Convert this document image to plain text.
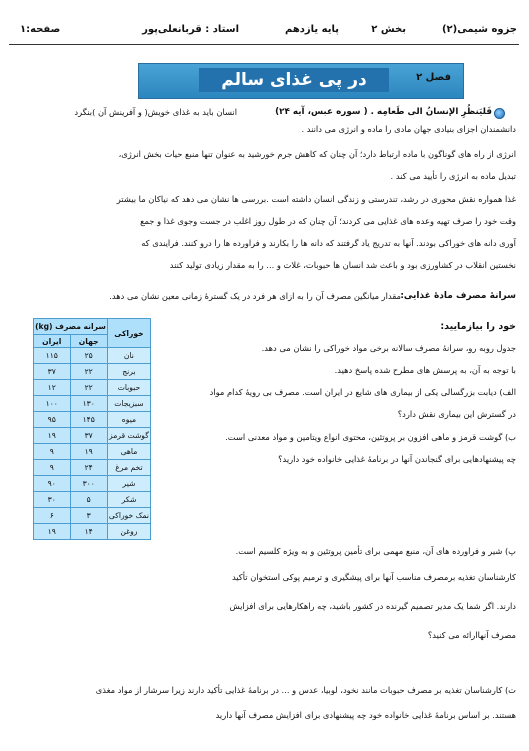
جزوه شیمی(۲)
بخش ۲
پایه یازدهم
استاد : قربانعلی‌پور
صفحه:۱
در پی غذای سالم	فصل ۲
فَلیَنظُرِ الإنسانُ الی طَعامِه . ( سوره عبس، آیه ۲۴)
انسان باید به غذای خویش( و آفرینش آن )بنگرد
دانشمندان اجزای بنیادی جهان مادی را ماده و انرژی می دانند .
انرژی از راه های گوناگون با ماده ارتباط دارد؛ آن چنان که کاهش جرم خورشید به عنوان تنها منبع حیات بخش انرژی،
تبدیل ماده به انرژی را تأیید می کند .
غذا همواره نقش محوری در رشد، تندرستی و زندگی انسان داشته است .بررسی ها نشان می دهد که نیاکان ما بیشتر
وقت خود را صرف تهیه وعده های غذایی می کردند؛ آن چنان که در طول روز اغلب در جست وجوی غذا و جمع
آوری دانه های خوراکی بودند. آنها به تدریج یاد گرفتند که دانه ها را بکارند و فراورده ها را درو کنند. فرایندی که
نخستین انقلاب در کشاورزی بود و باعث شد انسان ها حبوبات، غلات و ... را به مقدار زیادی تولید کنند
سرانهٔ مصرف مادهٔ غذایی:
مقدار میانگین مصرف آن را به ازای هر فرد در یک گسترهٔ زمانی معین نشان می دهد.
خود را بیازمایید:
جدول روبه رو، سرانهٔ مصرف سالانه برخی مواد خوراکی را نشان می دهد.
با توجه به آن، به پرسش های مطرح شده پاسخ دهید.
الف) دیابت بزرگسالی یکی از بیماری های شایع در ایران است. مصرف بی رویهٔ کدام مواد
در گسترش این بیماری نقش دارد؟
ب) گوشت قرمز و ماهی افزون بر پروتئین، محتوی انواع ویتامین و مواد معدنی است.
چه پیشنهادهایی برای گنجاندن آنها در برنامهٔ غذایی خانواده خود دارید؟
پ) شیر و فراورده های آن، منبع مهمی برای تأمین پروتئین و به ویژه کلسیم است.
کارشناسان تغذیه برمصرف مناسب آنها برای پیشگیری و ترمیم پوکی استخوان تأکید
دارند. اگر شما یک مدیر تصمیم گیرنده در کشور باشید، چه راهکارهایی برای افزایش
مصرف آنهاارائه می کنید؟
ت) کارشناسان تغذیه بر مصرف حبوبات مانند نخود، لوبیا، عدس و ... در برنامهٔ غذایی تأکید دارند زیرا سرشار از مواد مغذی
هستند. بر اساس برنامهٔ غذایی خانواده خود چه پیشنهادی برای افزایش مصرف آنها دارید
خوراکی	سرانه مصرف (kg)	
	جهان	ایران
نان	۲۵	۱۱۵
برنج	۲۲	۳۷
حبوبات	۲۲	۱۲
سبزیجات	۱۳۰	۱۰۰
میوه	۱۴۵	۹۵
گوشت قرمز	۳۷	۱۹
ماهی	۱۹	۹
تخم مرغ	۲۴	۹
شیر	۳۰۰	۹۰
شکر	۵	۳۰
نمک خوراکی	۳	۶
روغن	۱۴	۱۹
